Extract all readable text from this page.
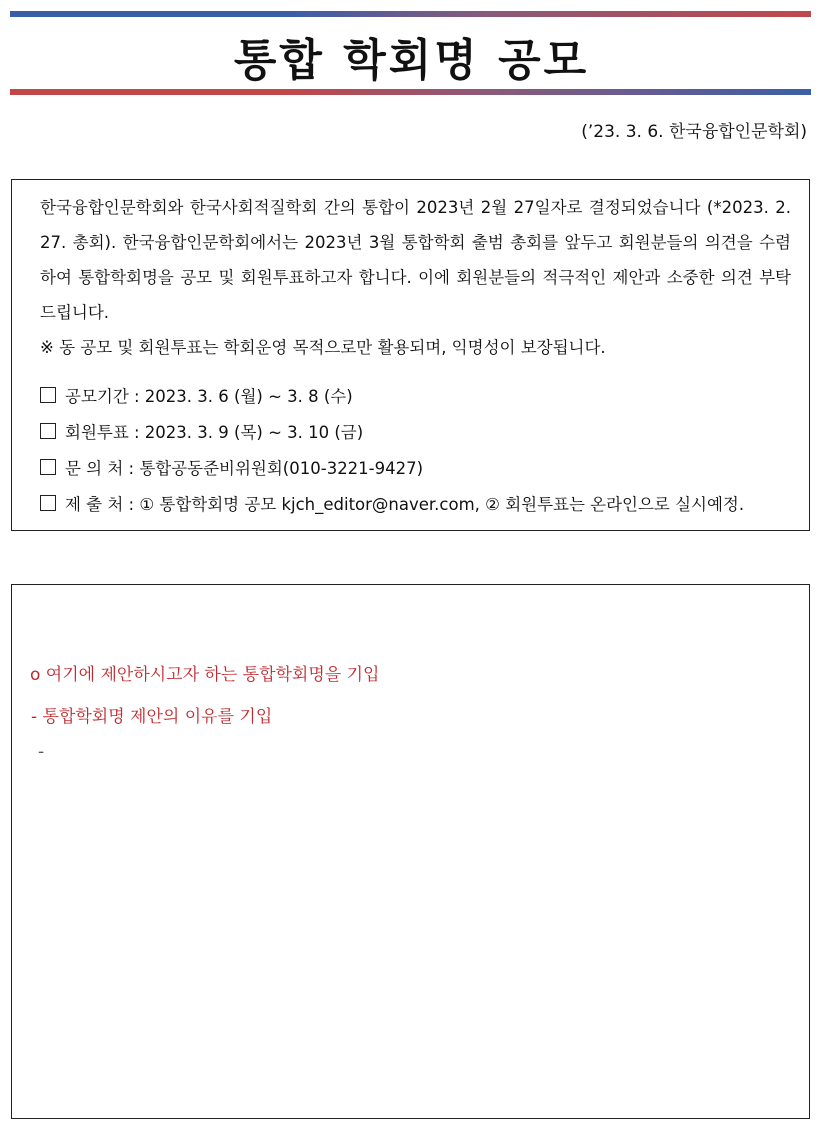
통합 학회명 공모
(’23. 3. 6. 한국융합인문학회)

한국융합인문학회와 한국사회적질학회 간의 통합이 2023년 2월 27일자로 결정되었습니다 (*2023. 2. 27. 총회). 한국융합인문학회에서는 2023년 3월 통합학회 출범 총회를 앞두고 회원분들의 의견을 수렴하여 통합학회명을 공모 및 회원투표하고자 합니다. 이에 회원분들의 적극적인 제안과 소중한 의견 부탁드립니다.

※ 동 공모 및 회원투표는 학회운영 목적으로만 활용되며, 익명성이 보장됩니다.

공모기간 : 2023. 3. 6 (월) ~ 3. 8 (수)
회원투표 : 2023. 3. 9 (목) ~ 3. 10 (금)
문 의 처 : 통합공동준비위원회(010-3221-9427)
제 출 처 : ① 통합학회명 공모 kjch_editor@naver.com, ② 회원투표는 온라인으로 실시예정.
o 여기에 제안하시고자 하는 통합학회명을 기입
- 통합학회명 제안의 이유를 기입
-
